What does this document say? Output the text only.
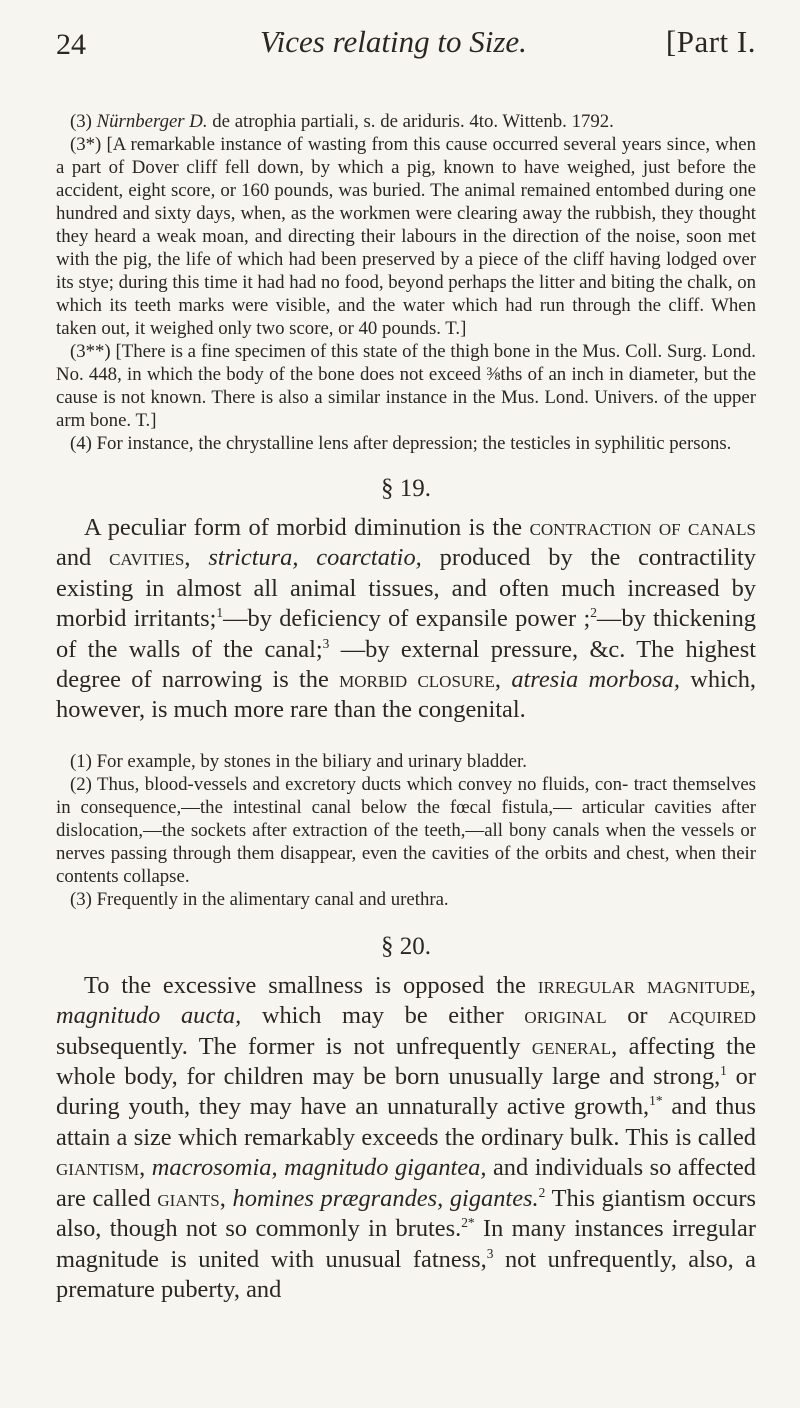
24	Vices relating to Size.	[Part I.

(3) Nürnberger D. de atrophia partiali, s. de ariduris. 4to. Wittenb. 1792.

(3*) [A remarkable instance of wasting from this cause occurred several years since, when a part of Dover cliff fell down, by which a pig, known to have weighed, just before the accident, eight score, or 160 pounds, was buried. The animal remained entombed during one hundred and sixty days, when, as the workmen were clearing away the rubbish, they thought they heard a weak moan, and directing their labours in the direction of the noise, soon met with the pig, the life of which had been preserved by a piece of the cliff having lodged over its stye; during this time it had had no food, beyond perhaps the litter and biting the chalk, on which its teeth marks were visible, and the water which had run through the cliff. When taken out, it weighed only two score, or 40 pounds. T.]

(3**) [There is a fine specimen of this state of the thigh bone in the Mus. Coll. Surg. Lond. No. 448, in which the body of the bone does not exceed ⅜ths of an inch in diameter, but the cause is not known. There is also a similar instance in the Mus. Lond. Univers. of the upper arm bone. T.]

(4) For instance, the chrystalline lens after depression; the testicles in syphilitic persons.

§ 19.

A peculiar form of morbid diminution is the contraction of canals and cavities, strictura, coarctatio, produced by the contractility existing in almost all animal tissues, and often much increased by morbid irritants;$^1$—by deficiency of expansile power ;$^2$—by thickening of the walls of the canal;$^3$ —by external pressure, &c. The highest degree of narrowing is the morbid closure, atresia morbosa, which, however, is much more rare than the congenital.

(1) For example, by stones in the biliary and urinary bladder.

(2) Thus, blood-vessels and excretory ducts which convey no fluids, con- tract themselves in consequence,—the intestinal canal below the fœcal fistula,— articular cavities after dislocation,—the sockets after extraction of the teeth,—all bony canals when the vessels or nerves passing through them disappear, even the cavities of the orbits and chest, when their contents collapse.

(3) Frequently in the alimentary canal and urethra.

§ 20.

To the excessive smallness is opposed the irregular magnitude, magnitudo aucta, which may be either original or acquired subsequently. The former is not unfrequently general, affecting the whole body, for children may be born unusually large and strong,$^1$ or during youth, they may have an unnaturally active growth,$^{1*}$ and thus attain a size which remarkably exceeds the ordinary bulk. This is called giantism, macrosomia, magnitudo gigantea, and individuals so affected are called giants, homines prægrandes, gigantes.$^2$ This giantism occurs also, though not so commonly in brutes.$^{2*}$ In many instances irregular magnitude is united with unusual fatness,$^3$ not unfrequently, also, a premature puberty, and
